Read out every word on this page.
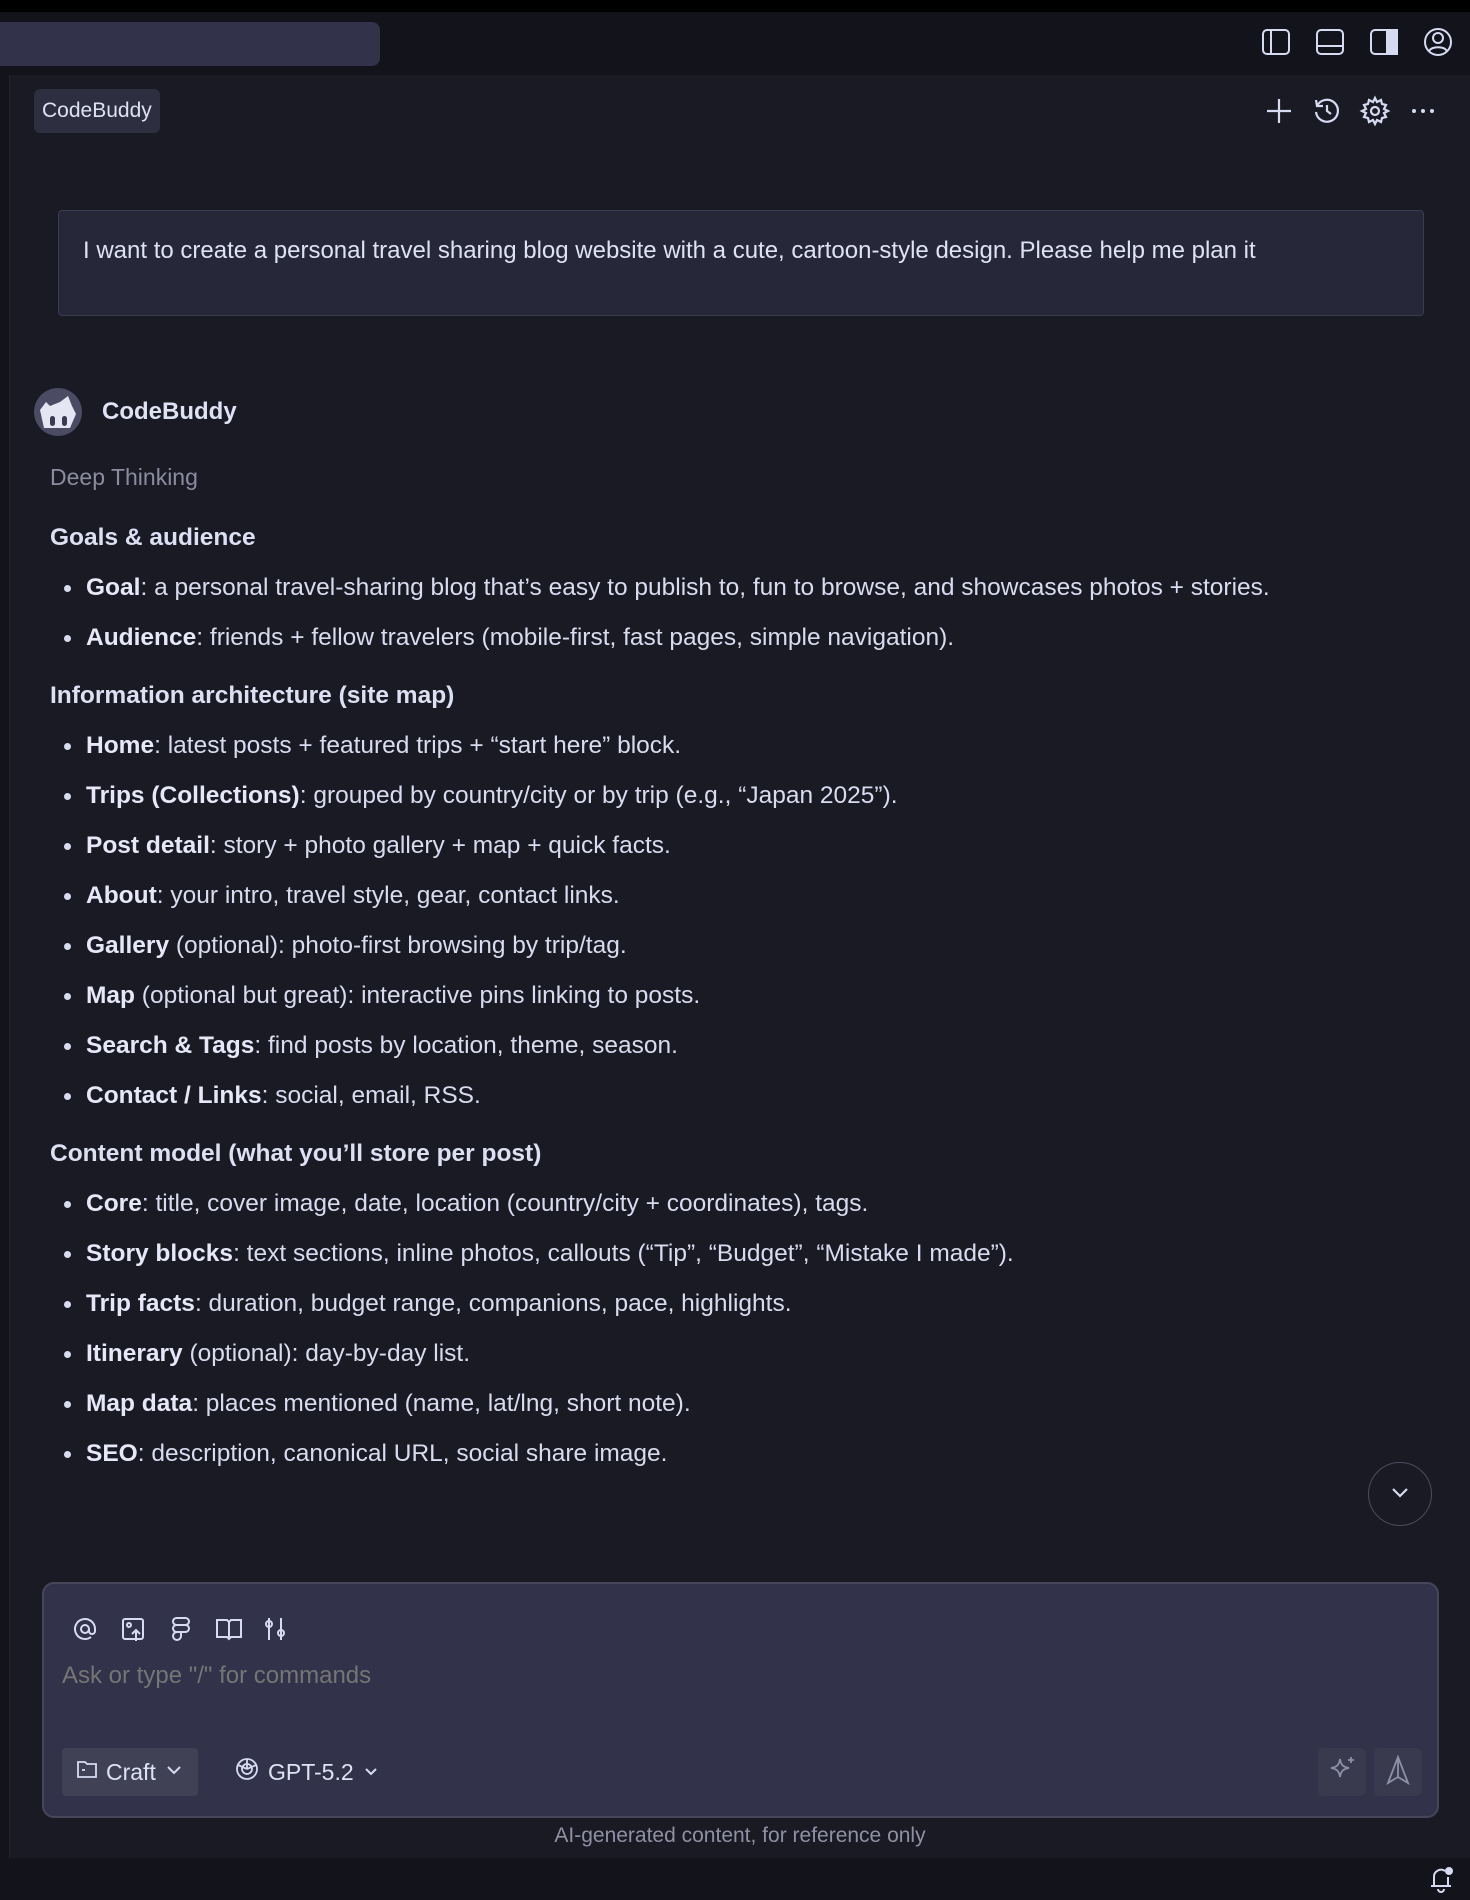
CodeBuddy
I want to create a personal travel sharing blog website with a cute, cartoon-style design. Please help me plan it
CodeBuddy
Deep Thinking
Goals & audience
Goal: a personal travel-sharing blog that’s easy to publish to, fun to browse, and showcases photos + stories.
Audience: friends + fellow travelers (mobile-first, fast pages, simple navigation).
Information architecture (site map)
Home: latest posts + featured trips + “start here” block.
Trips (Collections): grouped by country/city or by trip (e.g., “Japan 2025”).
Post detail: story + photo gallery + map + quick facts.
About: your intro, travel style, gear, contact links.
Gallery (optional): photo-first browsing by trip/tag.
Map (optional but great): interactive pins linking to posts.
Search & Tags: find posts by location, theme, season.
Contact / Links: social, email, RSS.
Content model (what you’ll store per post)
Core: title, cover image, date, location (country/city + coordinates), tags.
Story blocks: text sections, inline photos, callouts (“Tip”, “Budget”, “Mistake I made”).
Trip facts: duration, budget range, companions, pace, highlights.
Itinerary (optional): day-by-day list.
Map data: places mentioned (name, lat/lng, short note).
SEO: description, canonical URL, social share image.
Ask or type "/" for commands
Craft	GPT-5.2
AI-generated content, for reference only
